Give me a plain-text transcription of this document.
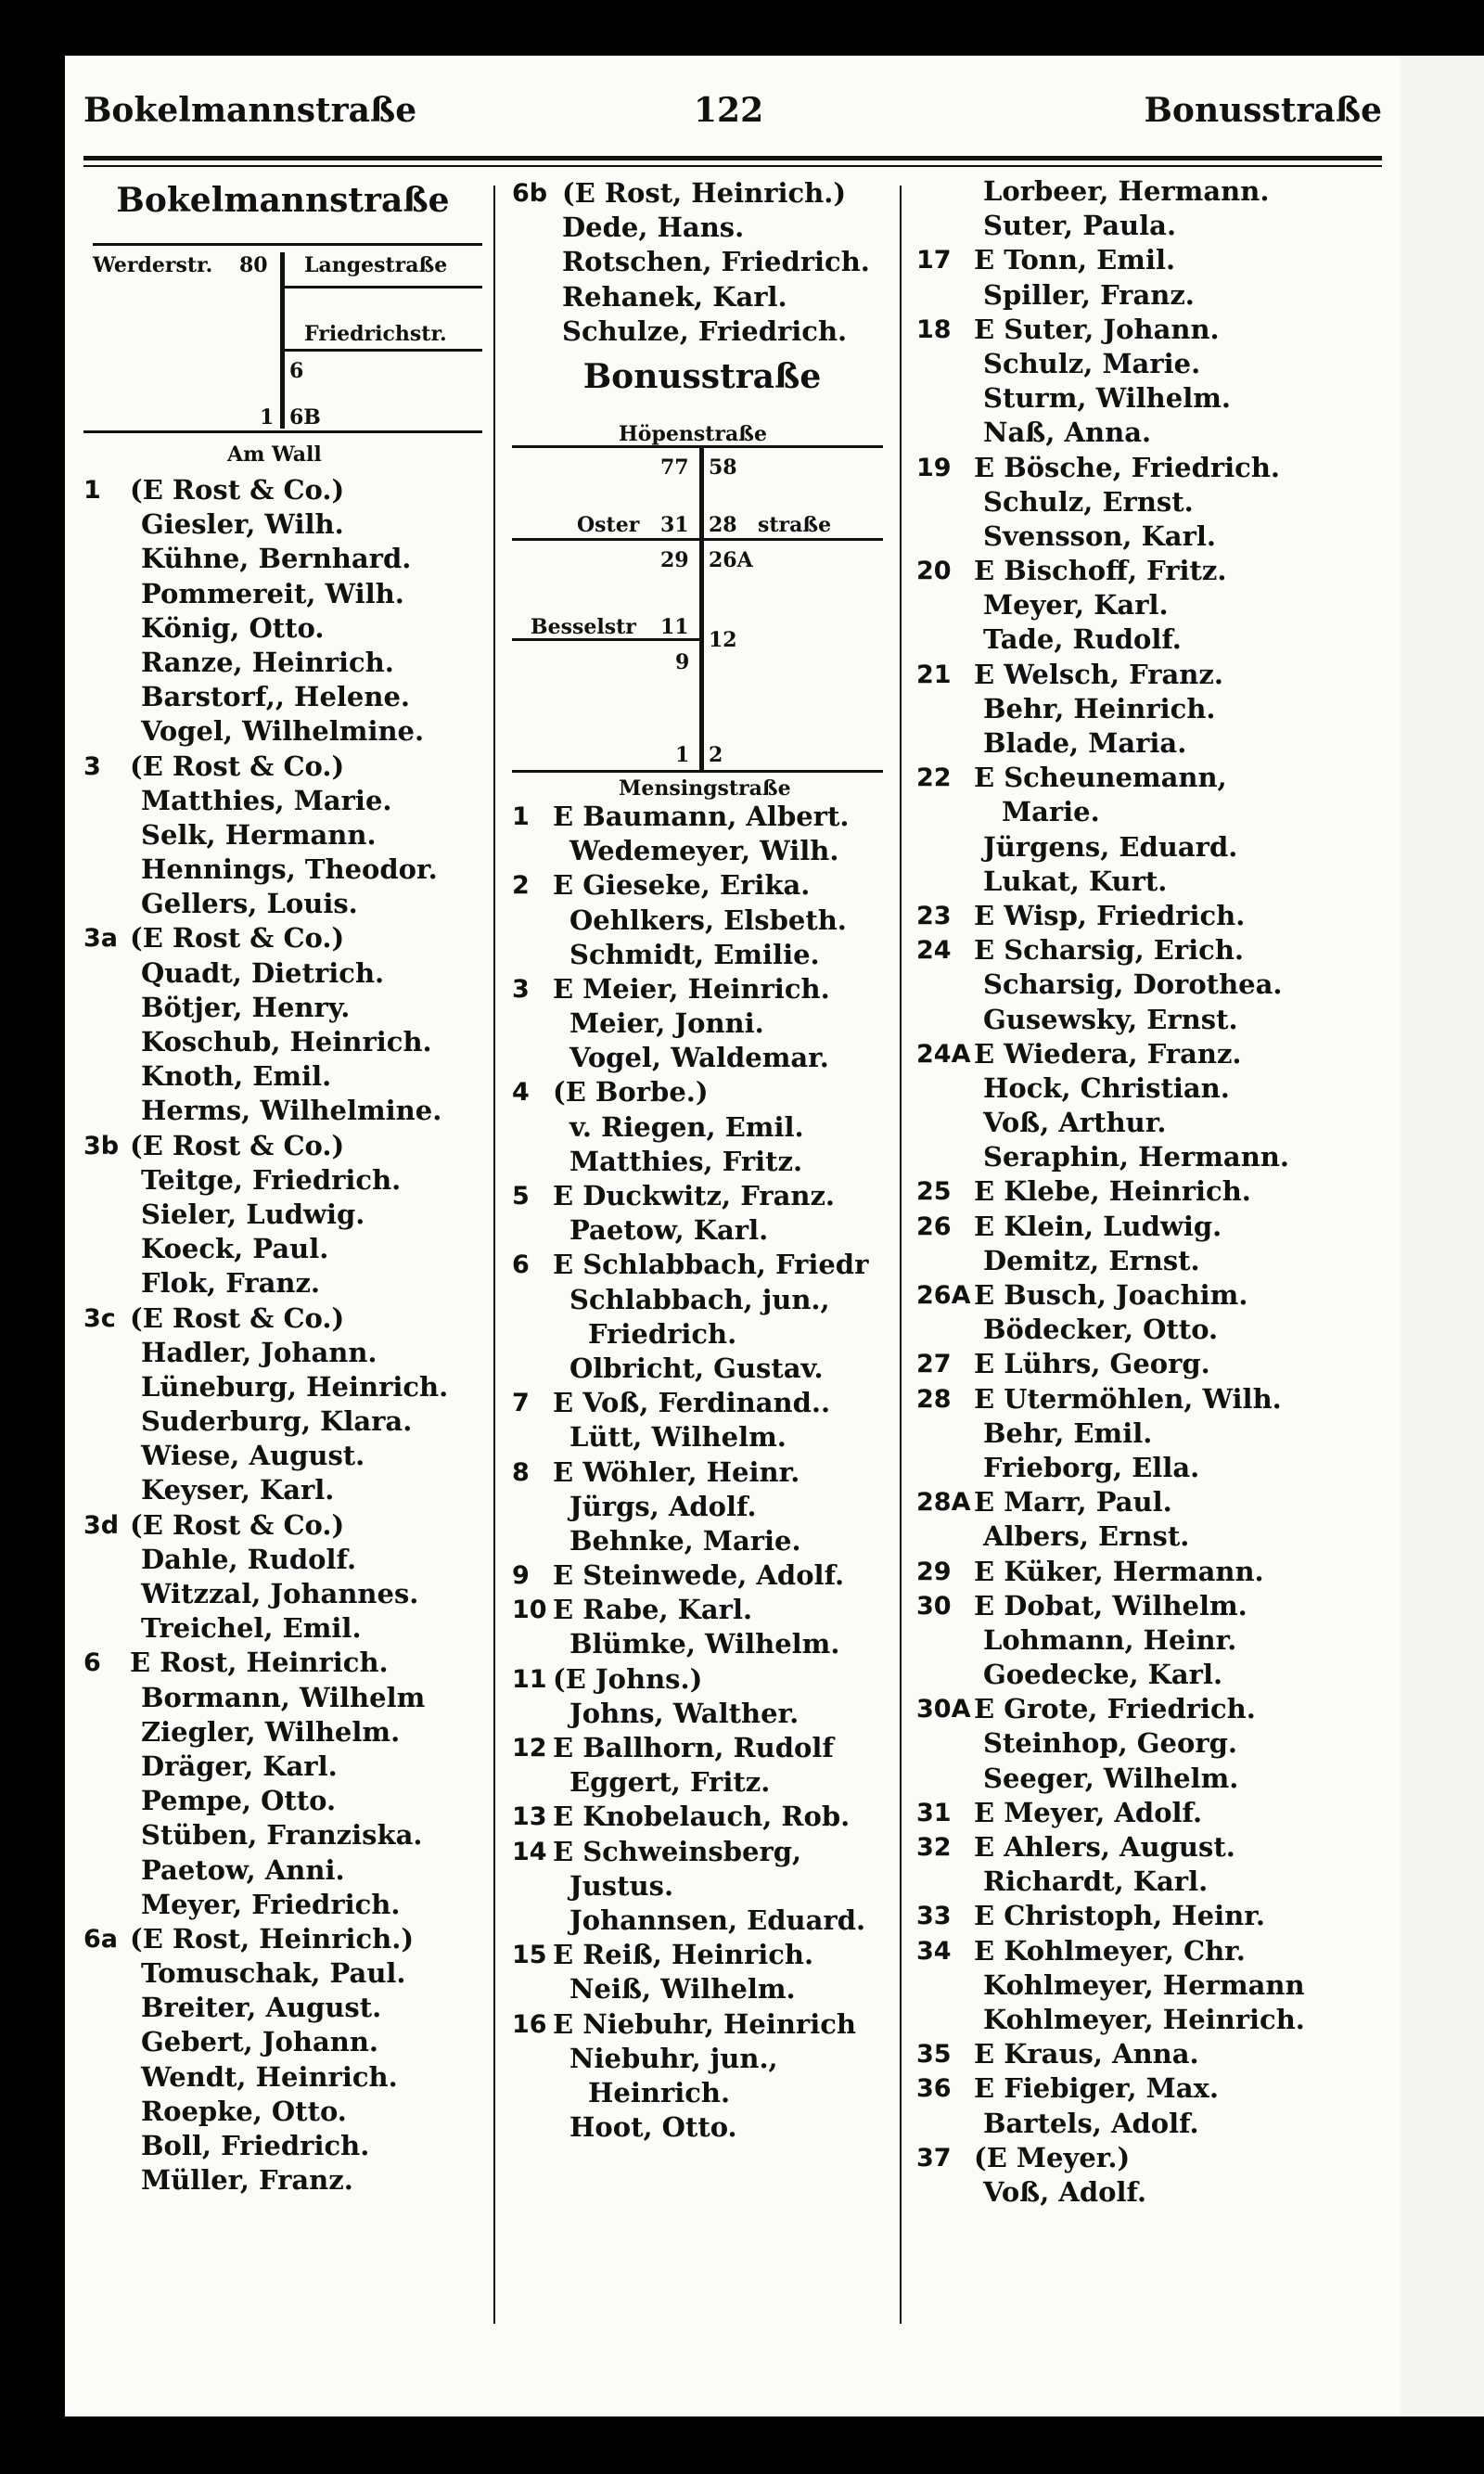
Bokelmannstraße	122	Bonusstraße
Bokelmannstraße
Werderstr. 80 Langestraße
Friedrichstr.
6
1 6B
Am Wall
1 (E Rost & Co.)
Giesler, Wilh.
Kühne, Bernhard.
Pommereit, Wilh.
König, Otto.
Ranze, Heinrich.
Barstorf,, Helene.
Vogel, Wilhelmine.
3 (E Rost & Co.)
Matthies, Marie.
Selk, Hermann.
Hennings, Theodor.
Gellers, Louis.
3a (E Rost & Co.)
Quadt, Dietrich.
Bötjer, Henry.
Koschub, Heinrich.
Knoth, Emil.
Herms, Wilhelmine.
3b (E Rost & Co.)
Teitge, Friedrich.
Sieler, Ludwig.
Koeck, Paul.
Flok, Franz.
3c (E Rost & Co.)
Hadler, Johann.
Lüneburg, Heinrich.
Suderburg, Klara.
Wiese, August.
Keyser, Karl.
3d (E Rost & Co.)
Dahle, Rudolf.
Witzzal, Johannes.
Treichel, Emil.
6 E Rost, Heinrich.
Bormann, Wilhelm
Ziegler, Wilhelm.
Dräger, Karl.
Pempe, Otto.
Stüben, Franziska.
Paetow, Anni.
Meyer, Friedrich.
6a (E Rost, Heinrich.)
Tomuschak, Paul.
Breiter, August.
Gebert, Johann.
Wendt, Heinrich.
Roepke, Otto.
Boll, Friedrich.
Müller, Franz.
6b (E Rost, Heinrich.)
Dede, Hans.
Rotschen, Friedrich.
Rehanek, Karl.
Schulze, Friedrich.
Bonusstraße
Höpenstraße
77 58
Oster 31 28 straße
29 26A
Besselstr 11
12
9
1 2
Mensingstraße
1 E Baumann, Albert.
Wedemeyer, Wilh.
2 E Gieseke, Erika.
Oehlkers, Elsbeth.
Schmidt, Emilie.
3 E Meier, Heinrich.
Meier, Jonni.
Vogel, Waldemar.
4 (E Borbe.)
v. Riegen, Emil.
Matthies, Fritz.
5 E Duckwitz, Franz.
Paetow, Karl.
6 E Schlabbach, Friedr
Schlabbach, jun.,
Friedrich.
Olbricht, Gustav.
7 E Voß, Ferdinand..
Lütt, Wilhelm.
8 E Wöhler, Heinr.
Jürgs, Adolf.
Behnke, Marie.
9 E Steinwede, Adolf.
10 E Rabe, Karl.
Blümke, Wilhelm.
11 (E Johns.)
Johns, Walther.
12 E Ballhorn, Rudolf
Eggert, Fritz.
13 E Knobelauch, Rob.
14 E Schweinsberg,
Justus.
Johannsen, Eduard.
15 E Reiß, Heinrich.
Neiß, Wilhelm.
16 E Niebuhr, Heinrich
Niebuhr, jun.,
Heinrich.
Hoot, Otto.
Lorbeer, Hermann.
Suter, Paula.
17 E Tonn, Emil.
Spiller, Franz.
18 E Suter, Johann.
Schulz, Marie.
Sturm, Wilhelm.
Naß, Anna.
19 E Bösche, Friedrich.
Schulz, Ernst.
Svensson, Karl.
20 E Bischoff, Fritz.
Meyer, Karl.
Tade, Rudolf.
21 E Welsch, Franz.
Behr, Heinrich.
Blade, Maria.
22 E Scheunemann,
Marie.
Jürgens, Eduard.
Lukat, Kurt.
23 E Wisp, Friedrich.
24 E Scharsig, Erich.
Scharsig, Dorothea.
Gusewsky, Ernst.
24A E Wiedera, Franz.
Hock, Christian.
Voß, Arthur.
Seraphin, Hermann.
25 E Klebe, Heinrich.
26 E Klein, Ludwig.
Demitz, Ernst.
26A E Busch, Joachim.
Bödecker, Otto.
27 E Lührs, Georg.
28 E Utermöhlen, Wilh.
Behr, Emil.
Frieborg, Ella.
28A E Marr, Paul.
Albers, Ernst.
29 E Küker, Hermann.
30 E Dobat, Wilhelm.
Lohmann, Heinr.
Goedecke, Karl.
30A E Grote, Friedrich.
Steinhop, Georg.
Seeger, Wilhelm.
31 E Meyer, Adolf.
32 E Ahlers, August.
Richardt, Karl.
33 E Christoph, Heinr.
34 E Kohlmeyer, Chr.
Kohlmeyer, Hermann
Kohlmeyer, Heinrich.
35 E Kraus, Anna.
36 E Fiebiger, Max.
Bartels, Adolf.
37 (E Meyer.)
Voß, Adolf.
